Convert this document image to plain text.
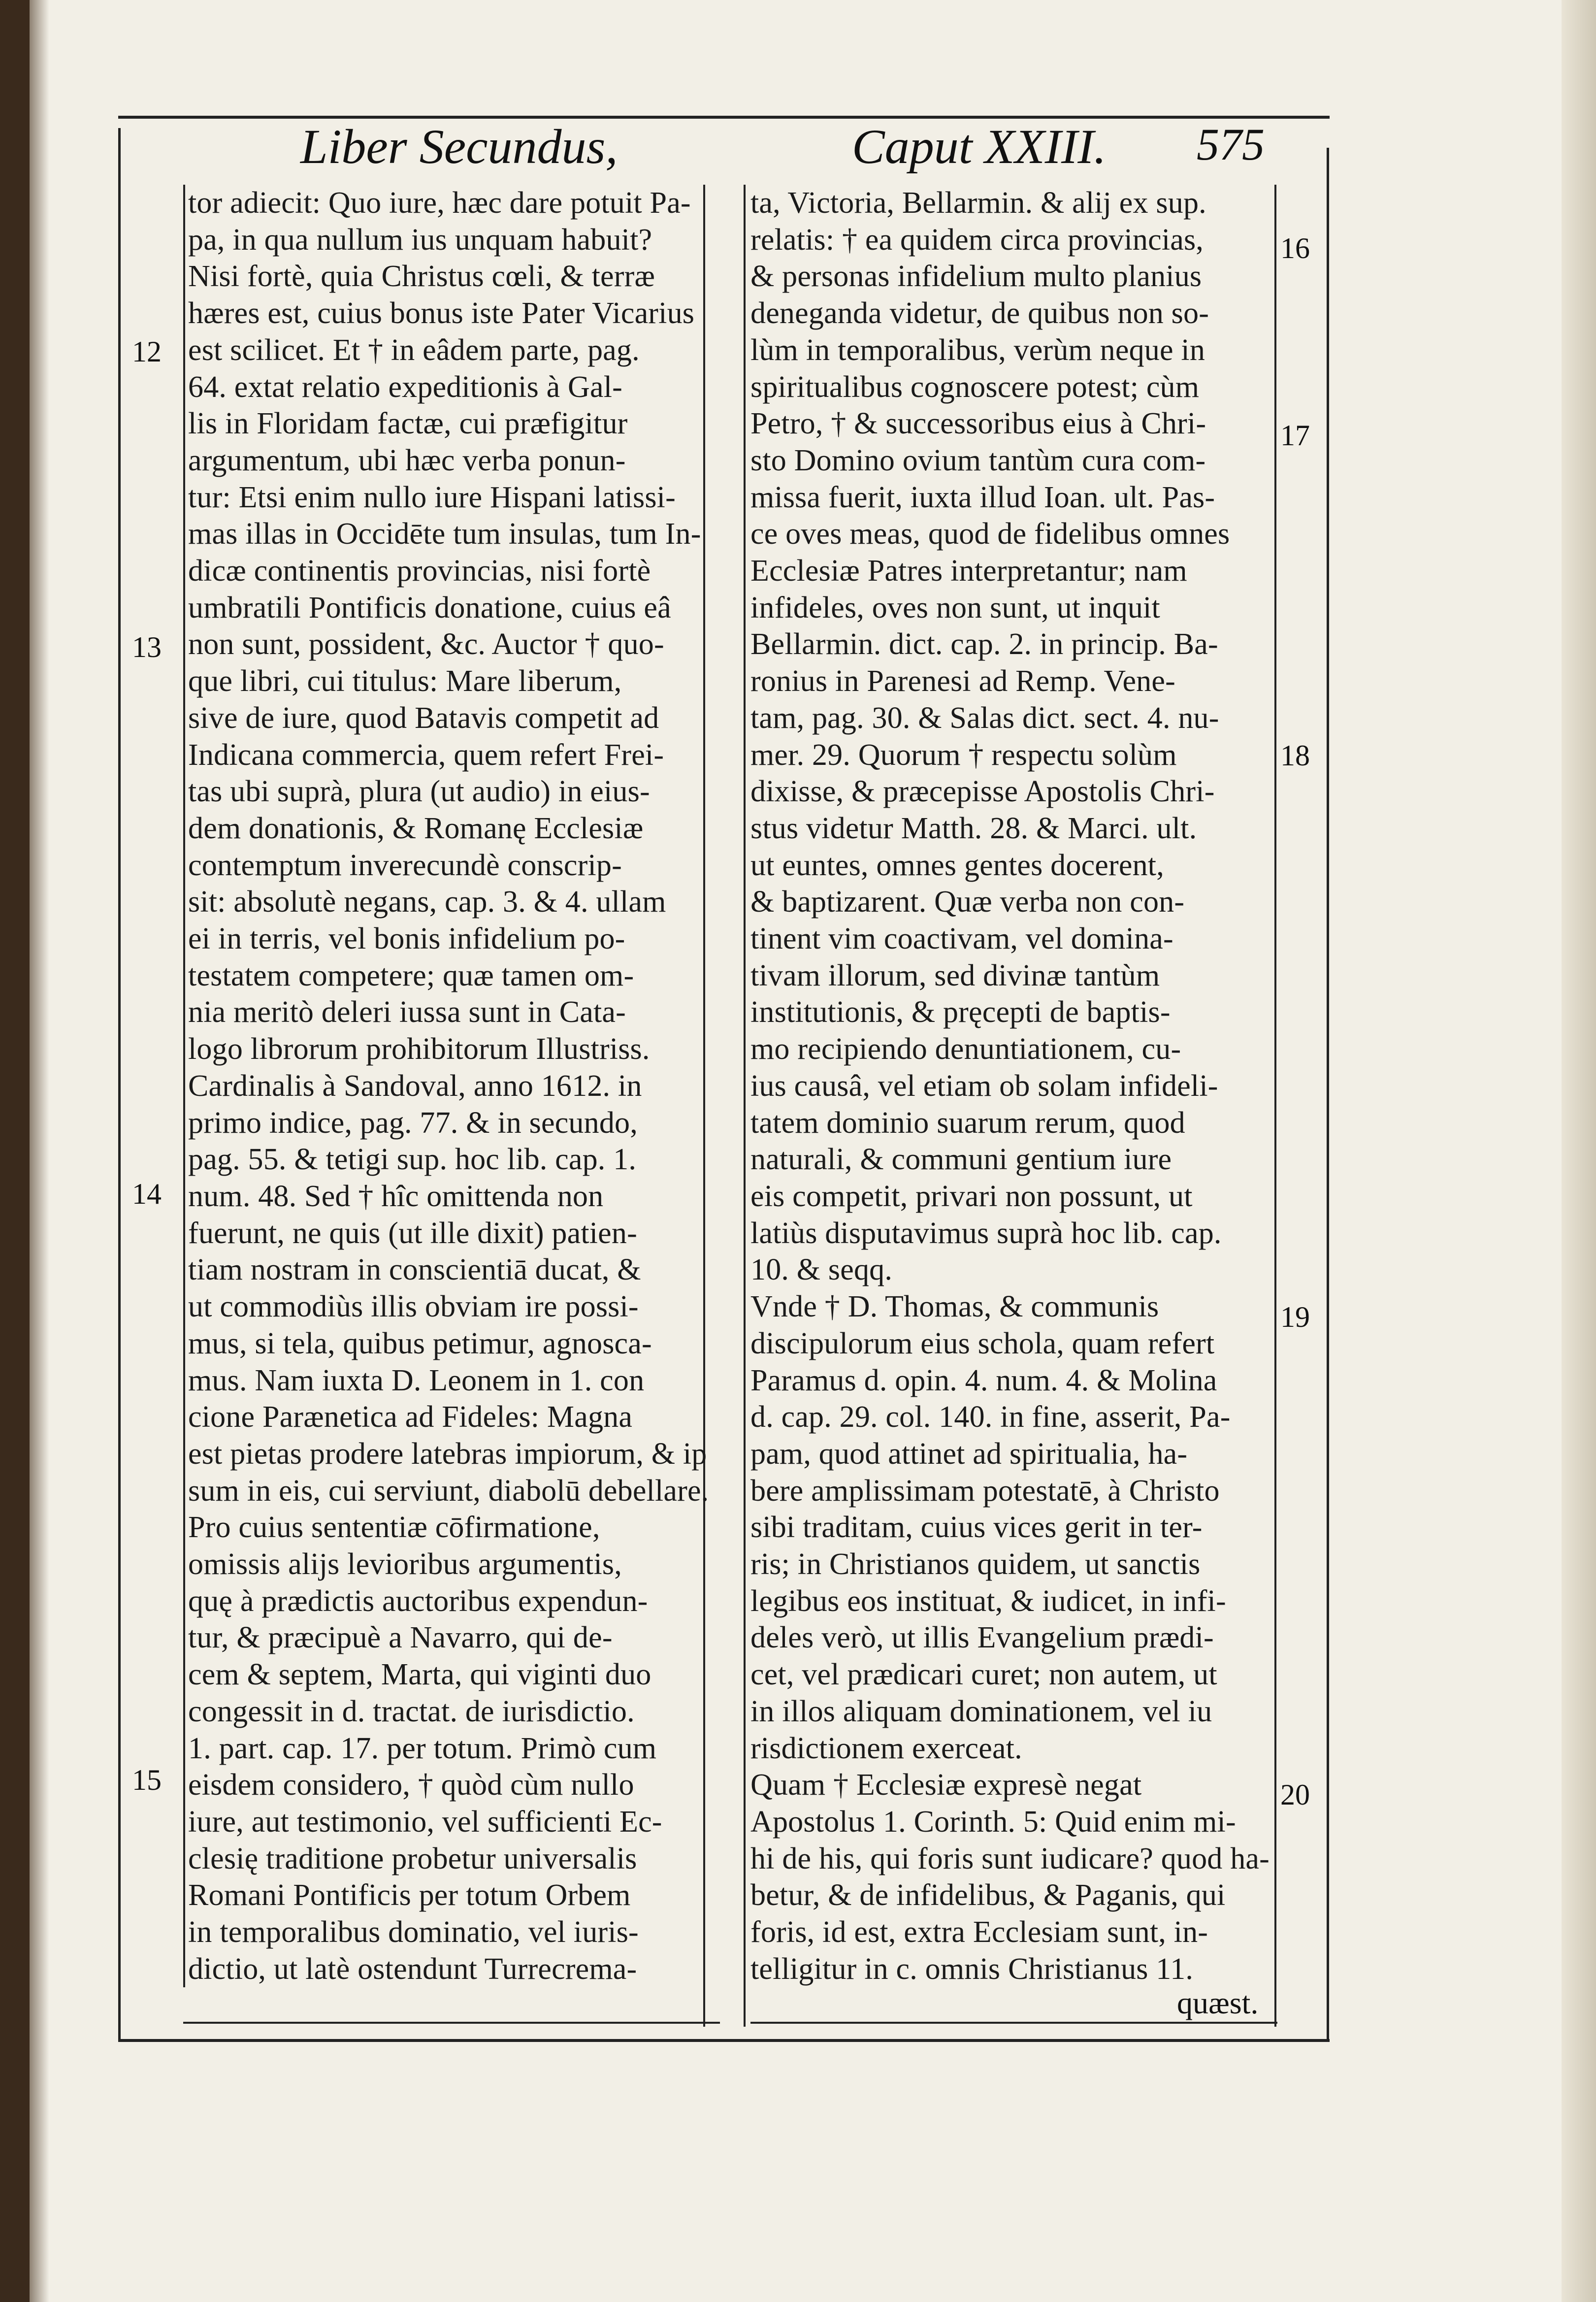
Liber Secundus,	Caput XXIII. 575
tor adiecit: Quo iure, hæc dare potuit Pa-
pa, in qua nullum ius unquam habuit?
Nisi fortè, quia Christus cœli, & terræ
hæres est, cuius bonus iste Pater Vicarius
est scilicet. Et † in eâdem parte, pag.
64. extat relatio expeditionis à Gal-
lis in Floridam factæ, cui præfigitur
argumentum, ubi hæc verba ponun-
tur: Etsi enim nullo iure Hispani latissi-
mas illas in Occidēte tum insulas, tum In-
dicæ continentis provincias, nisi fortè
umbratili Pontificis donatione, cuius eâ
non sunt, possident, &c. Auctor † quo-
que libri, cui titulus: Mare liberum,
sive de iure, quod Batavis competit ad
Indicana commercia, quem refert Frei-
tas ubi suprà, plura (ut audio) in eius-
dem donationis, & Romanę Ecclesiæ
contemptum inverecundè conscrip-
sit: absolutè negans, cap. 3. & 4. ullam
ei in terris, vel bonis infidelium po-
testatem competere; quæ tamen om-
nia meritò deleri iussa sunt in Cata-
logo librorum prohibitorum Illustriss.
Cardinalis à Sandoval, anno 1612. in
primo indice, pag. 77. & in secundo,
pag. 55. & tetigi sup. hoc lib. cap. 1.
num. 48. Sed † hîc omittenda non
fuerunt, ne quis (ut ille dixit) patien-
tiam nostram in conscientiā ducat, &
ut commodiùs illis obviam ire possi-
mus, si tela, quibus petimur, agnosca-
mus. Nam iuxta D. Leonem in 1. con
cione Parænetica ad Fideles: Magna
est pietas prodere latebras impiorum, & ip
sum in eis, cui serviunt, diabolū debellare.
Pro cuius sententiæ cōfirmatione,
omissis alijs levioribus argumentis,
quę à prædictis auctoribus expendun-
tur, & præcipuè a Navarro, qui de-
cem & septem, Marta, qui viginti duo
congessit in d. tractat. de iurisdictio.
1. part. cap. 17. per totum. Primò cum
eisdem considero, † quòd cùm nullo
iure, aut testimonio, vel sufficienti Ec-
clesię traditione probetur universalis
Romani Pontificis per totum Orbem
in temporalibus dominatio, vel iuris-
dictio, ut latè ostendunt Turrecrema-
ta, Victoria, Bellarmin. & alij ex sup.
relatis: † ea quidem circa provincias,
& personas infidelium multo planius
deneganda videtur, de quibus non so-
lùm in temporalibus, verùm neque in
spiritualibus cognoscere potest; cùm
Petro, † & successoribus eius à Chri-
sto Domino ovium tantùm cura com-
missa fuerit, iuxta illud Ioan. ult. Pas-
ce oves meas, quod de fidelibus omnes
Ecclesiæ Patres interpretantur; nam
infideles, oves non sunt, ut inquit
Bellarmin. dict. cap. 2. in princip. Ba-
ronius in Parenesi ad Remp. Vene-
tam, pag. 30. & Salas dict. sect. 4. nu-
mer. 29. Quorum † respectu solùm
dixisse, & præcepisse Apostolis Chri-
stus videtur Matth. 28. & Marci. ult.
ut euntes, omnes gentes docerent,
& baptizarent. Quæ verba non con-
tinent vim coactivam, vel domina-
tivam illorum, sed divinæ tantùm
institutionis, & pręcepti de baptis-
mo recipiendo denuntiationem, cu-
ius causâ, vel etiam ob solam infideli-
tatem dominio suarum rerum, quod
naturali, & communi gentium iure
eis competit, privari non possunt, ut
latiùs disputavimus suprà hoc lib. cap.
10. & seqq.
Vnde † D. Thomas, & communis
discipulorum eius schola, quam refert
Paramus d. opin. 4. num. 4. & Molina
d. cap. 29. col. 140. in fine, asserit, Pa-
pam, quod attinet ad spiritualia, ha-
bere amplissimam potestatē, à Christo
sibi traditam, cuius vices gerit in ter-
ris; in Christianos quidem, ut sanctis
legibus eos instituat, & iudicet, in infi-
deles verò, ut illis Evangelium prædi-
cet, vel prædicari curet; non autem, ut
in illos aliquam dominationem, vel iu
risdictionem exerceat.
Quam † Ecclesiæ expresè negat
Apostolus 1. Corinth. 5: Quid enim mi-
hi de his, qui foris sunt iudicare? quod ha-
betur, & de infidelibus, & Paganis, qui
foris, id est, extra Ecclesiam sunt, in-
telligitur in c. omnis Christianus 11.
12
13
14
15
16
17
18
19
20
quæst.
